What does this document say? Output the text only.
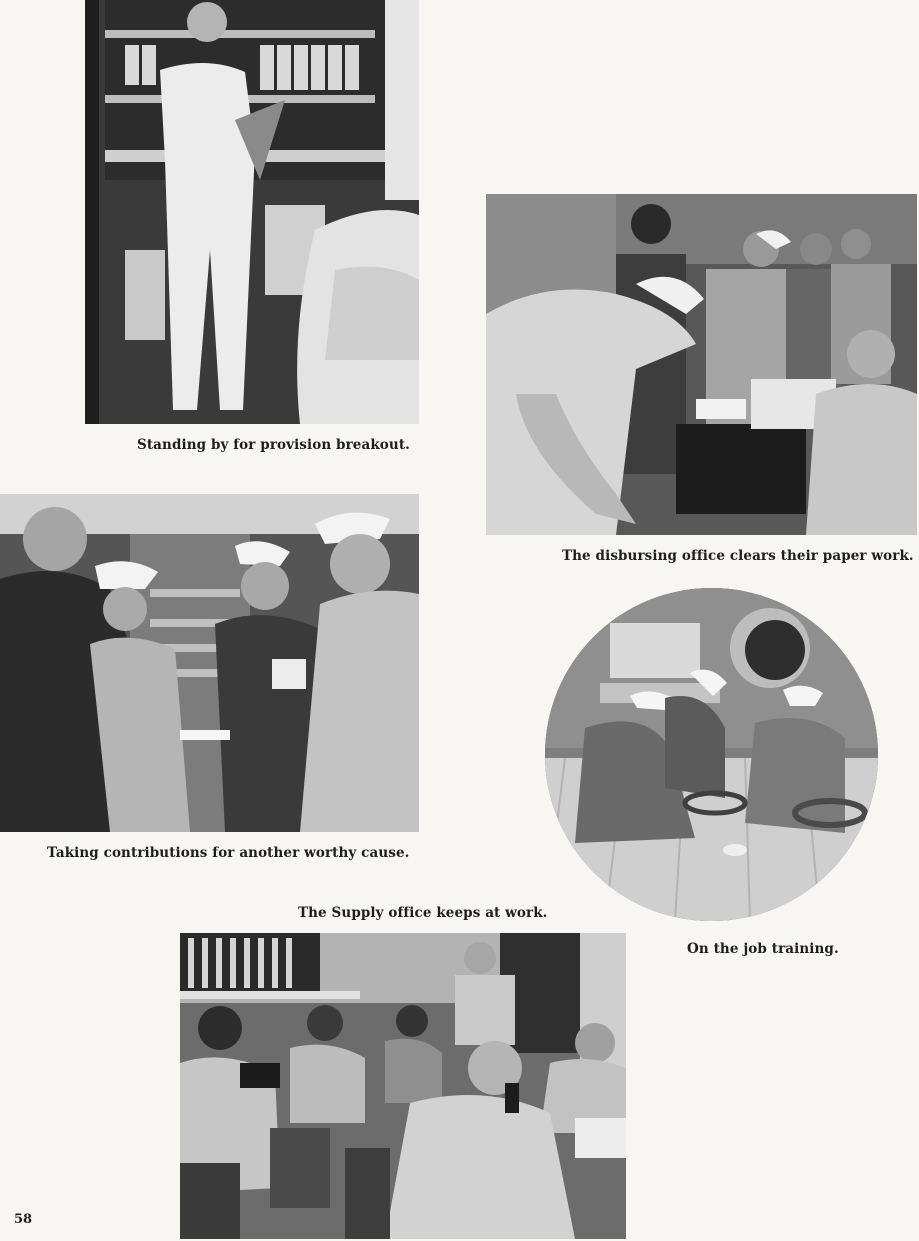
Standing by for provision breakout.
The disbursing office clears their paper work.
Taking contributions for another worthy cause.
On the job training.
The Supply office keeps at work.
58
